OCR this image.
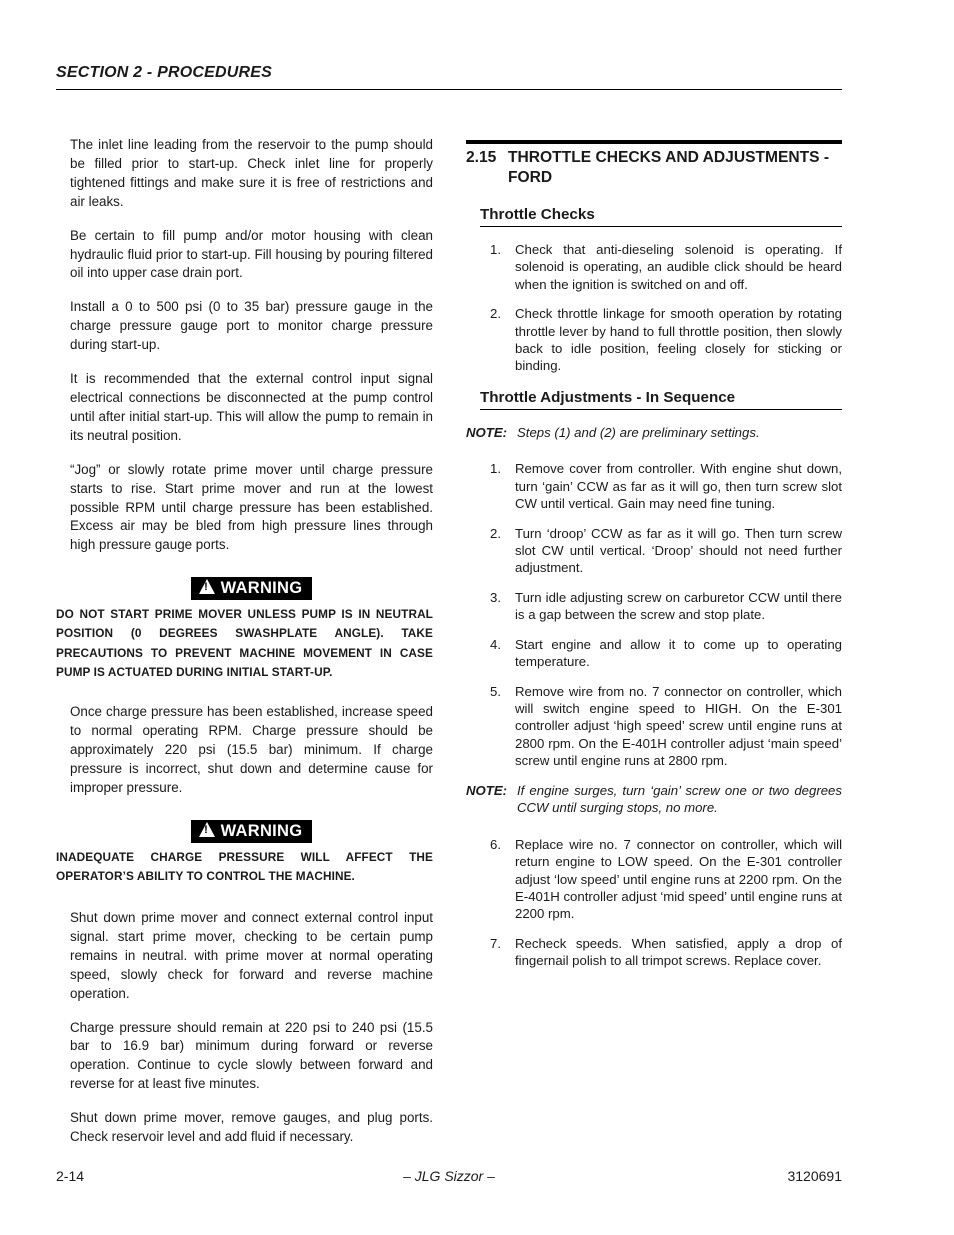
SECTION 2 - PROCEDURES

The inlet line leading from the reservoir to the pump should be filled prior to start-up. Check inlet line for properly tightened fittings and make sure it is free of restrictions and air leaks.

Be certain to fill pump and/or motor housing with clean hydraulic fluid prior to start-up. Fill housing by pouring filtered oil into upper case drain port.

Install a 0 to 500 psi (0 to 35 bar) pressure gauge in the charge pressure gauge port to monitor charge pressure during start-up.

It is recommended that the external control input signal electrical connections be disconnected at the pump control until after initial start-up. This will allow the pump to remain in its neutral position.

“Jog” or slowly rotate prime mover until charge pressure starts to rise. Start prime mover and run at the lowest possible RPM until charge pressure has been established. Excess air may be bled from high pressure lines through high pressure gauge ports.

!WARNING

DO NOT START PRIME MOVER UNLESS PUMP IS IN NEUTRAL POSITION (0 DEGREES SWASHPLATE ANGLE). TAKE PRECAUTIONS TO PREVENT MACHINE MOVEMENT IN CASE PUMP IS ACTUATED DURING INITIAL START-UP.

Once charge pressure has been established, increase speed to normal operating RPM. Charge pressure should be approximately 220 psi (15.5 bar) minimum. If charge pressure is incorrect, shut down and determine cause for improper pressure.

!WARNING

INADEQUATE CHARGE PRESSURE WILL AFFECT THE OPERATOR’S ABILITY TO CONTROL THE MACHINE.

Shut down prime mover and connect external control input signal. start prime mover, checking to be certain pump remains in neutral. with prime mover at normal operating speed, slowly check for forward and reverse machine operation.

Charge pressure should remain at 220 psi to 240 psi (15.5 bar to 16.9 bar) minimum during forward or reverse operation. Continue to cycle slowly between forward and reverse for at least five minutes.

Shut down prime mover, remove gauges, and plug ports. Check reservoir level and add fluid if necessary.

2.15 THROTTLE CHECKS AND ADJUSTMENTS - FORD
Throttle Checks
1.	Check that anti-dieseling solenoid is operating. If solenoid is operating, an audible click should be heard when the ignition is switched on and off.
2.	Check throttle linkage for smooth operation by rotating throttle lever by hand to full throttle position, then slowly back to idle position, feeling closely for sticking or binding.
Throttle Adjustments - In Sequence
NOTE: Steps (1) and (2) are preliminary settings.
1.	Remove cover from controller. With engine shut down, turn ‘gain’ CCW as far as it will go, then turn screw slot CW until vertical. Gain may need fine tuning.
2.	Turn ‘droop’ CCW as far as it will go. Then turn screw slot CW until vertical. ‘Droop’ should not need further adjustment.
3.	Turn idle adjusting screw on carburetor CCW until there is a gap between the screw and stop plate.
4.	Start engine and allow it to come up to operating temperature.
5.	Remove wire from no. 7 connector on controller, which will switch engine speed to HIGH. On the E-301 controller adjust ‘high speed’ screw until engine runs at 2800 rpm. On the E-401H controller adjust ‘main speed’ screw until engine runs at 2800 rpm.
NOTE: If engine surges, turn ‘gain’ screw one or two degrees CCW until surging stops, no more.
6.	Replace wire no. 7 connector on controller, which will return engine to LOW speed. On the E-301 controller adjust ‘low speed’ until engine runs at 2200 rpm. On the E-401H controller adjust ‘mid speed’ until engine runs at 2200 rpm.
7.	Recheck speeds. When satisfied, apply a drop of fingernail polish to all trimpot screws. Replace cover.
2-14	– JLG Sizzor –	3120691
